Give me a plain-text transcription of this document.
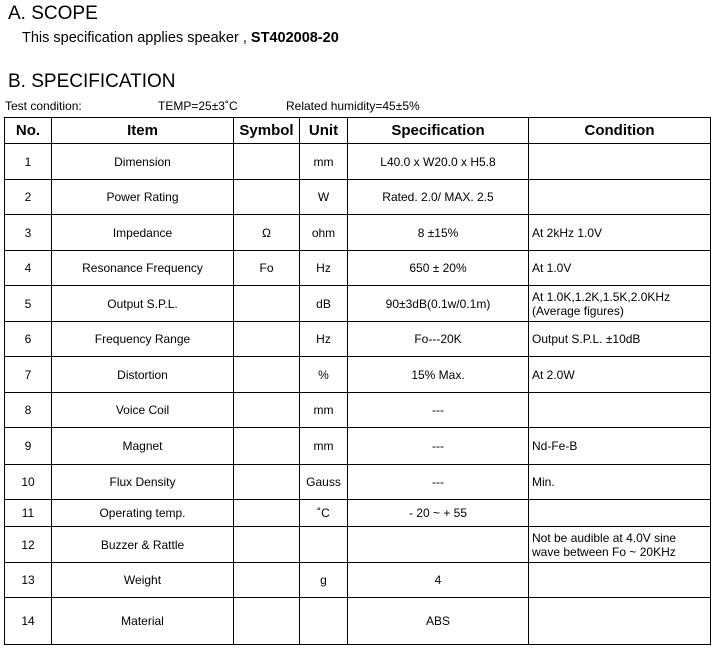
A. SCOPE
This specification applies speaker , ST402008-20
B. SPECIFICATION
Test condition:	TEMP=25±3˚C	Related humidity=45±5%
No.	Item	Symbol	Unit	Specification	Condition
1	Dimension		mm	L40.0 x W20.0 x H5.8	
2	Power Rating		W	Rated. 2.0/ MAX. 2.5	
3	Impedance	Ω	ohm	8 ±15%	At 2kHz 1.0V
4	Resonance Frequency	Fo	Hz	650 ± 20%	At 1.0V
5	Output S.P.L.		dB	90±3dB(0.1w/0.1m)	At 1.0K,1.2K,1.5K,2.0KHz (Average figures)
6	Frequency Range		Hz	Fo---20K	Output S.P.L. ±10dB
7	Distortion		%	15% Max.	At 2.0W
8	Voice Coil		mm	---	
9	Magnet		mm	---	Nd-Fe-B
10	Flux Density		Gauss	---	Min.
11	Operating temp.		˚C	- 20 ~ + 55	
12	Buzzer & Rattle				Not be audible at 4.0V sine wave between Fo ~ 20KHz
13	Weight		g	4	
14	Material			ABS	
